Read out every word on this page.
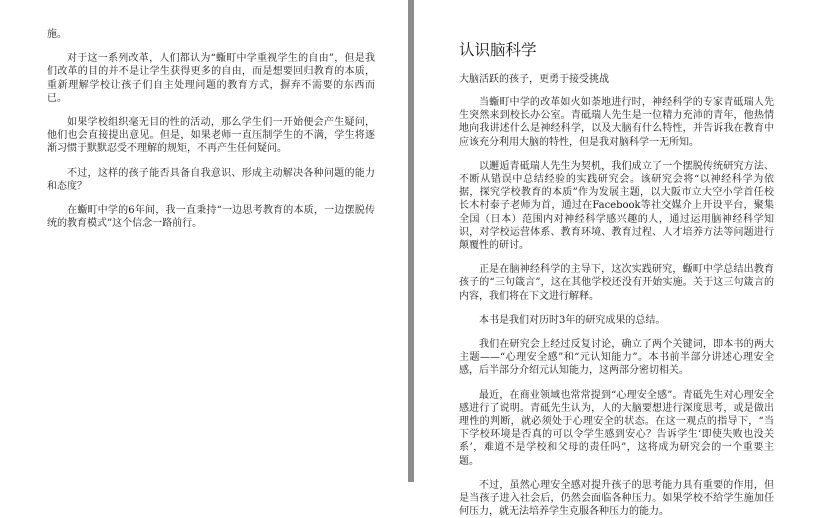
施。

对于这一系列改革，人们都认为“蝂町中学重视学生的自由”，但是我们改革的目的并不是让学生获得更多的自由，而是想要回归教育的本质，重新理解学校让孩子们自主处理问题的教育方式，摒弃不需要的东西而已。

如果学校组织毫无目的性的活动，那么学生们一开始便会产生疑问，他们也会直接提出意见。但是，如果老师一直压制学生的不满，学生将逐渐习惯于默默忍受不理解的规矩，不再产生任何疑问。

不过，这样的孩子能否具备自我意识、形成主动解决各种问题的能力和态度？

在蝂町中学的6年间，我一直秉持“一边思考教育的本质，一边摆脱传统的教育模式”这个信念一路前行。

认识脑科学
大脑活跃的孩子，更勇于接受挑战

当蝂町中学的改革如火如荼地进行时，神经科学的专家青砥瑞人先生突然来到校长办公室。青砥瑞人先生是一位精力充沛的青年，他热情地向我讲述什么是神经科学，以及大脑有什么特性，并告诉我在教育中应该充分利用大脑的特性，但是我对脑科学一无所知。

以邂逅青砥瑞人先生为契机，我们成立了一个摆脱传统研究方法、不断从错误中总结经验的实践研究会。该研究会将“以神经科学为依据，探究学校教育的本质”作为发展主题，以大阪市立大空小学首任校长木村泰子老师为首，通过在Facebook等社交媒介上开设平台，聚集全国（日本）范围内对神经科学感兴趣的人，通过运用脑神经科学知识，对学校运营体系、教育环境、教育过程、人才培养方法等问题进行颠覆性的研讨。

正是在脑神经科学的主导下，这次实践研究，蝂町中学总结出教育孩子的“三句箴言”，这在其他学校还没有开始实施。关于这三句箴言的内容，我们将在下文进行解释。

本书是我们对历时3年的研究成果的总结。

我们在研究会上经过反复讨论，确立了两个关键词，即本书的两大主题——“心理安全感”和“元认知能力”。本书前半部分讲述心理安全感，后半部分介绍元认知能力，这两部分密切相关。

最近，在商业领域也常常提到“心理安全感”。青砥先生对心理安全感进行了说明。青砥先生认为，人的大脑要想进行深度思考，或是做出理性的判断，就必须处于心理安全的状态。在这一观点的指导下，“当下学校环境是否真的可以令学生感到安心？告诉学生‘即使失败也没关系’，难道不是学校和父母的责任吗”，这将成为研究会的一个重要主题。

不过，虽然心理安全感对提升孩子的思考能力具有重要的作用，但是当孩子进入社会后，仍然会面临各种压力。如果学校不给学生施加任何压力，就无法培养学生克服各种压力的能力。
